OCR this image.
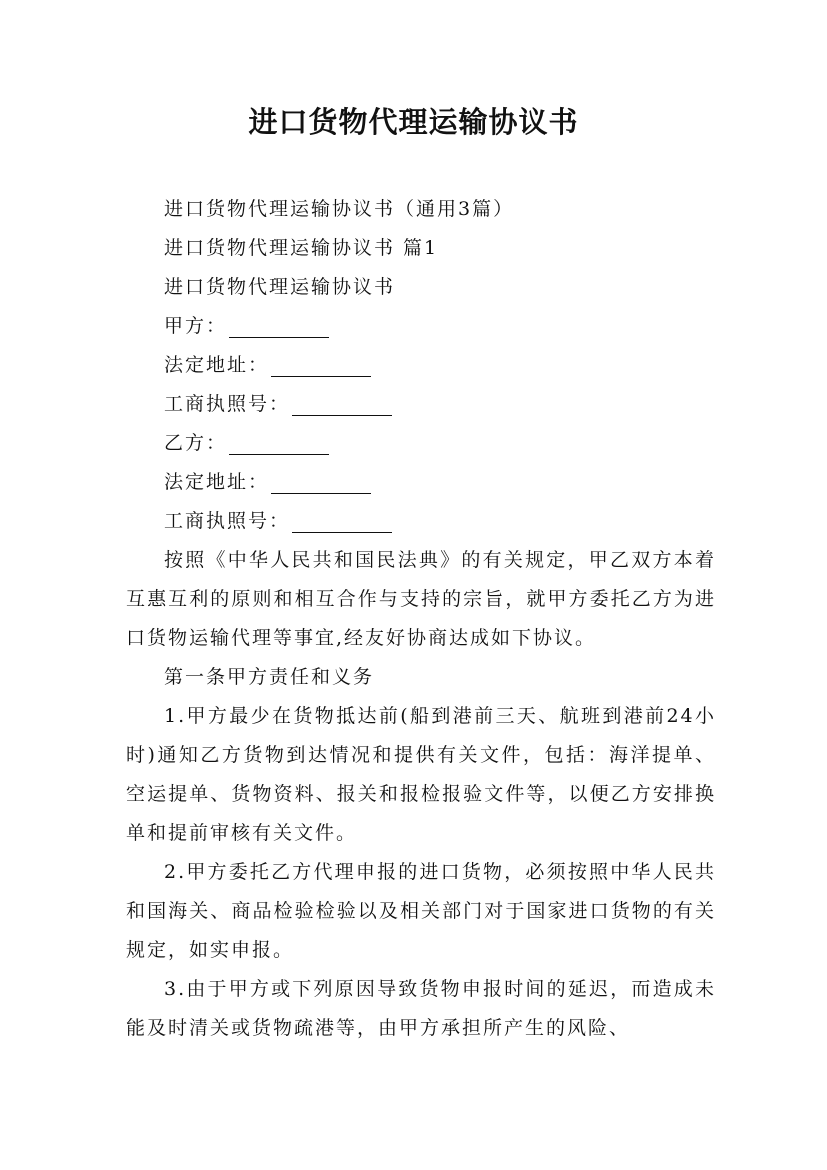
进口货物代理运输协议书

进口货物代理运输协议书（通用3篇）

进口货物代理运输协议书 篇1

进口货物代理运输协议书

甲方：

法定地址：

工商执照号：

乙方：

法定地址：

工商执照号：

按照《中华人民共和国民法典》的有关规定，甲乙双方本着互惠互利的原则和相互合作与支持的宗旨，就甲方委托乙方为进口货物运输代理等事宜,经友好协商达成如下协议。

第一条甲方责任和义务

1.甲方最少在货物抵达前(船到港前三天、航班到港前24小时)通知乙方货物到达情况和提供有关文件，包括：海洋提单、空运提单、货物资料、报关和报检报验文件等，以便乙方安排换单和提前审核有关文件。

2.甲方委托乙方代理申报的进口货物，必须按照中华人民共和国海关、商品检验检验以及相关部门对于国家进口货物的有关规定，如实申报。

3.由于甲方或下列原因导致货物申报时间的延迟，而造成未能及时清关或货物疏港等，由甲方承担所产生的风险、
